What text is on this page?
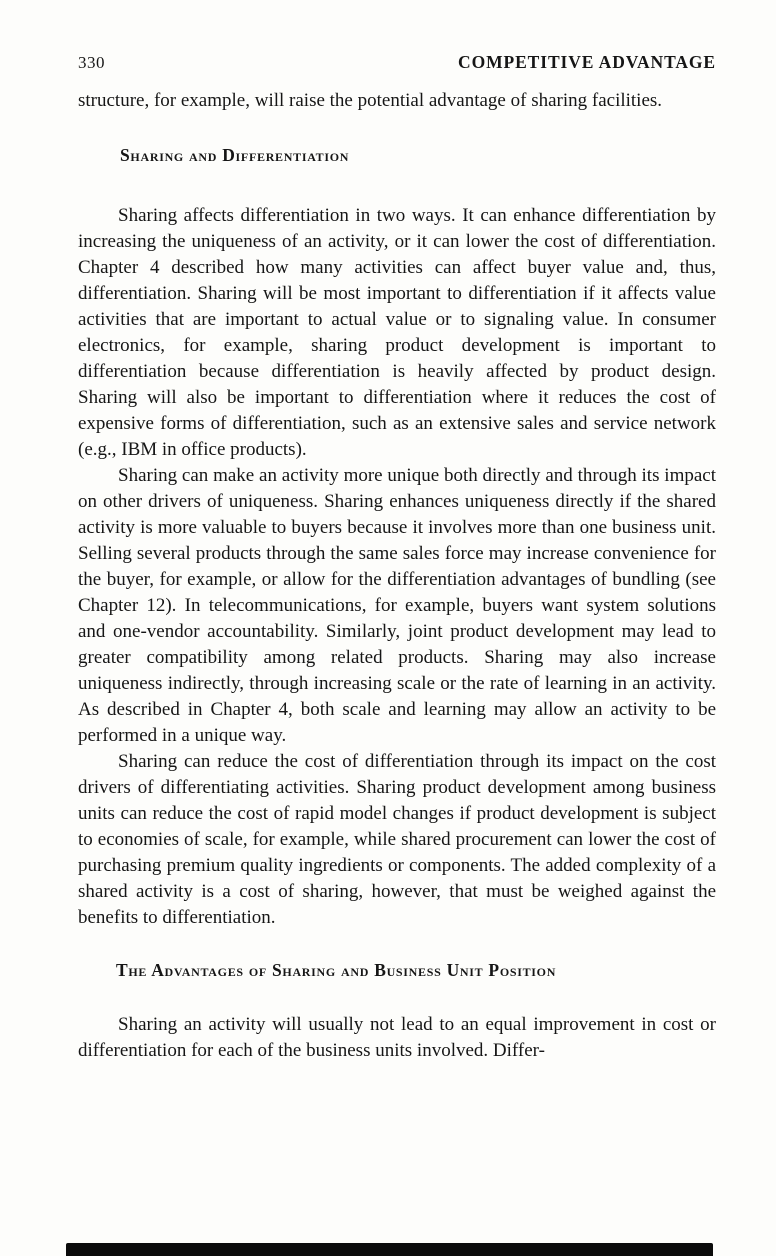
330	COMPETITIVE ADVANTAGE

structure, for example, will raise the potential advantage of sharing facilities.

Sharing and Differentiation

Sharing affects differentiation in two ways. It can enhance differentiation by increasing the uniqueness of an activity, or it can lower the cost of differentiation. Chapter 4 described how many activities can affect buyer value and, thus, differentiation. Sharing will be most important to differentiation if it affects value activities that are important to actual value or to signaling value. In consumer electronics, for example, sharing product development is important to differentiation because differentiation is heavily affected by product design. Sharing will also be important to differentiation where it reduces the cost of expensive forms of differentiation, such as an extensive sales and service network (e.g., IBM in office products).

Sharing can make an activity more unique both directly and through its impact on other drivers of uniqueness. Sharing enhances uniqueness directly if the shared activity is more valuable to buyers because it involves more than one business unit. Selling several products through the same sales force may increase convenience for the buyer, for example, or allow for the differentiation advantages of bundling (see Chapter 12). In telecommunications, for example, buyers want system solutions and one-vendor accountability. Similarly, joint product development may lead to greater compatibility among related products. Sharing may also increase uniqueness indirectly, through increasing scale or the rate of learning in an activity. As described in Chapter 4, both scale and learning may allow an activity to be performed in a unique way.

Sharing can reduce the cost of differentiation through its impact on the cost drivers of differentiating activities. Sharing product development among business units can reduce the cost of rapid model changes if product development is subject to economies of scale, for example, while shared procurement can lower the cost of purchasing premium quality ingredients or components. The added complexity of a shared activity is a cost of sharing, however, that must be weighed against the benefits to differentiation.

The Advantages of Sharing and Business Unit Position

Sharing an activity will usually not lead to an equal improvement in cost or differentiation for each of the business units involved. Differ-
